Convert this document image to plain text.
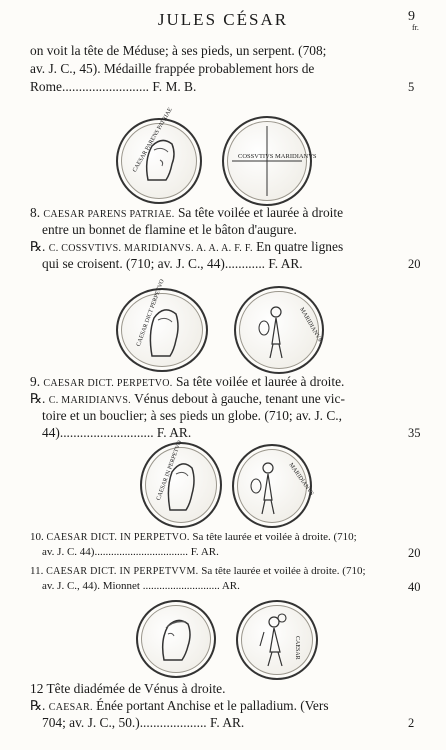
JULES CÉSAR	9
fr.
on voit la tête de Méduse; à ses pieds, un serpent. (708;
av. J. C., 45). Médaille frappée probablement hors de
Rome.......................... F. M. B.	5
CAESAR PARENS PATRIAE	COSSVTIVS MARIDIANVS
8. CAESAR PARENS PATRIAE. Sa tête voilée et laurée à droite
entre un bonnet de flamine et le bâton d'augure.
℞. C. COSSVTIVS. MARIDIANVS. A. A. A. F. F. En quatre lignes
qui se croisent. (710; av. J. C., 44)............ F. AR.	20
CAESAR DICT PERPETVO	MARIDIANVS
9. CAESAR DICT. PERPETVO. Sa tête voilée et laurée à droite.
℞. C. MARIDIANVS. Vénus debout à gauche, tenant une vic-
toire et un bouclier; à ses pieds un globe. (710; av. J. C.,
44)............................ F. AR.	35
CAESAR IN PERPETVO	MARIDIANVS
10. CAESAR DICT. IN PERPETVO. Sa tête laurée et voilée à droite. (710;
av. J. C. 44).................................. F. AR.	20
11. CAESAR DICT. IN PERPETVVM. Sa tête laurée et voilée à droite. (710;
av. J. C., 44). Mionnet ............................ AR.	40
CAESAR
12 Tête diadémée de Vénus à droite.
℞. CAESAR. Énée portant Anchise et le palladium. (Vers
704; av. J. C., 50.).................... F. AR.	2
